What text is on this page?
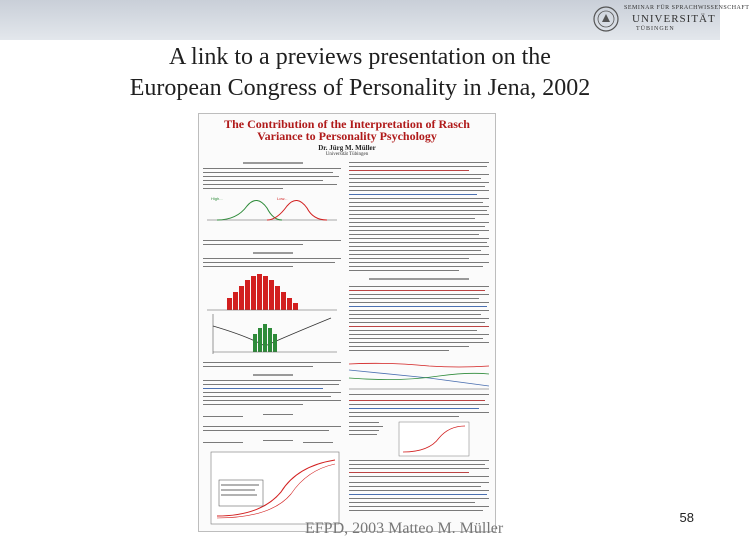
SEMINAR FÜR SPRACHWISSENSCHAFT
UNIVERSITÄT
TÜBINGEN
A link to a previews presentation on the
European Congress of Personality in Jena, 2002
The Contribution of the Interpretation of Rasch Variance to Personality Psychology
Dr. Jürg M. Müller
Universität Tübingen
High...	Low...
EFPD, 2003 Matteo M. Müller
58
